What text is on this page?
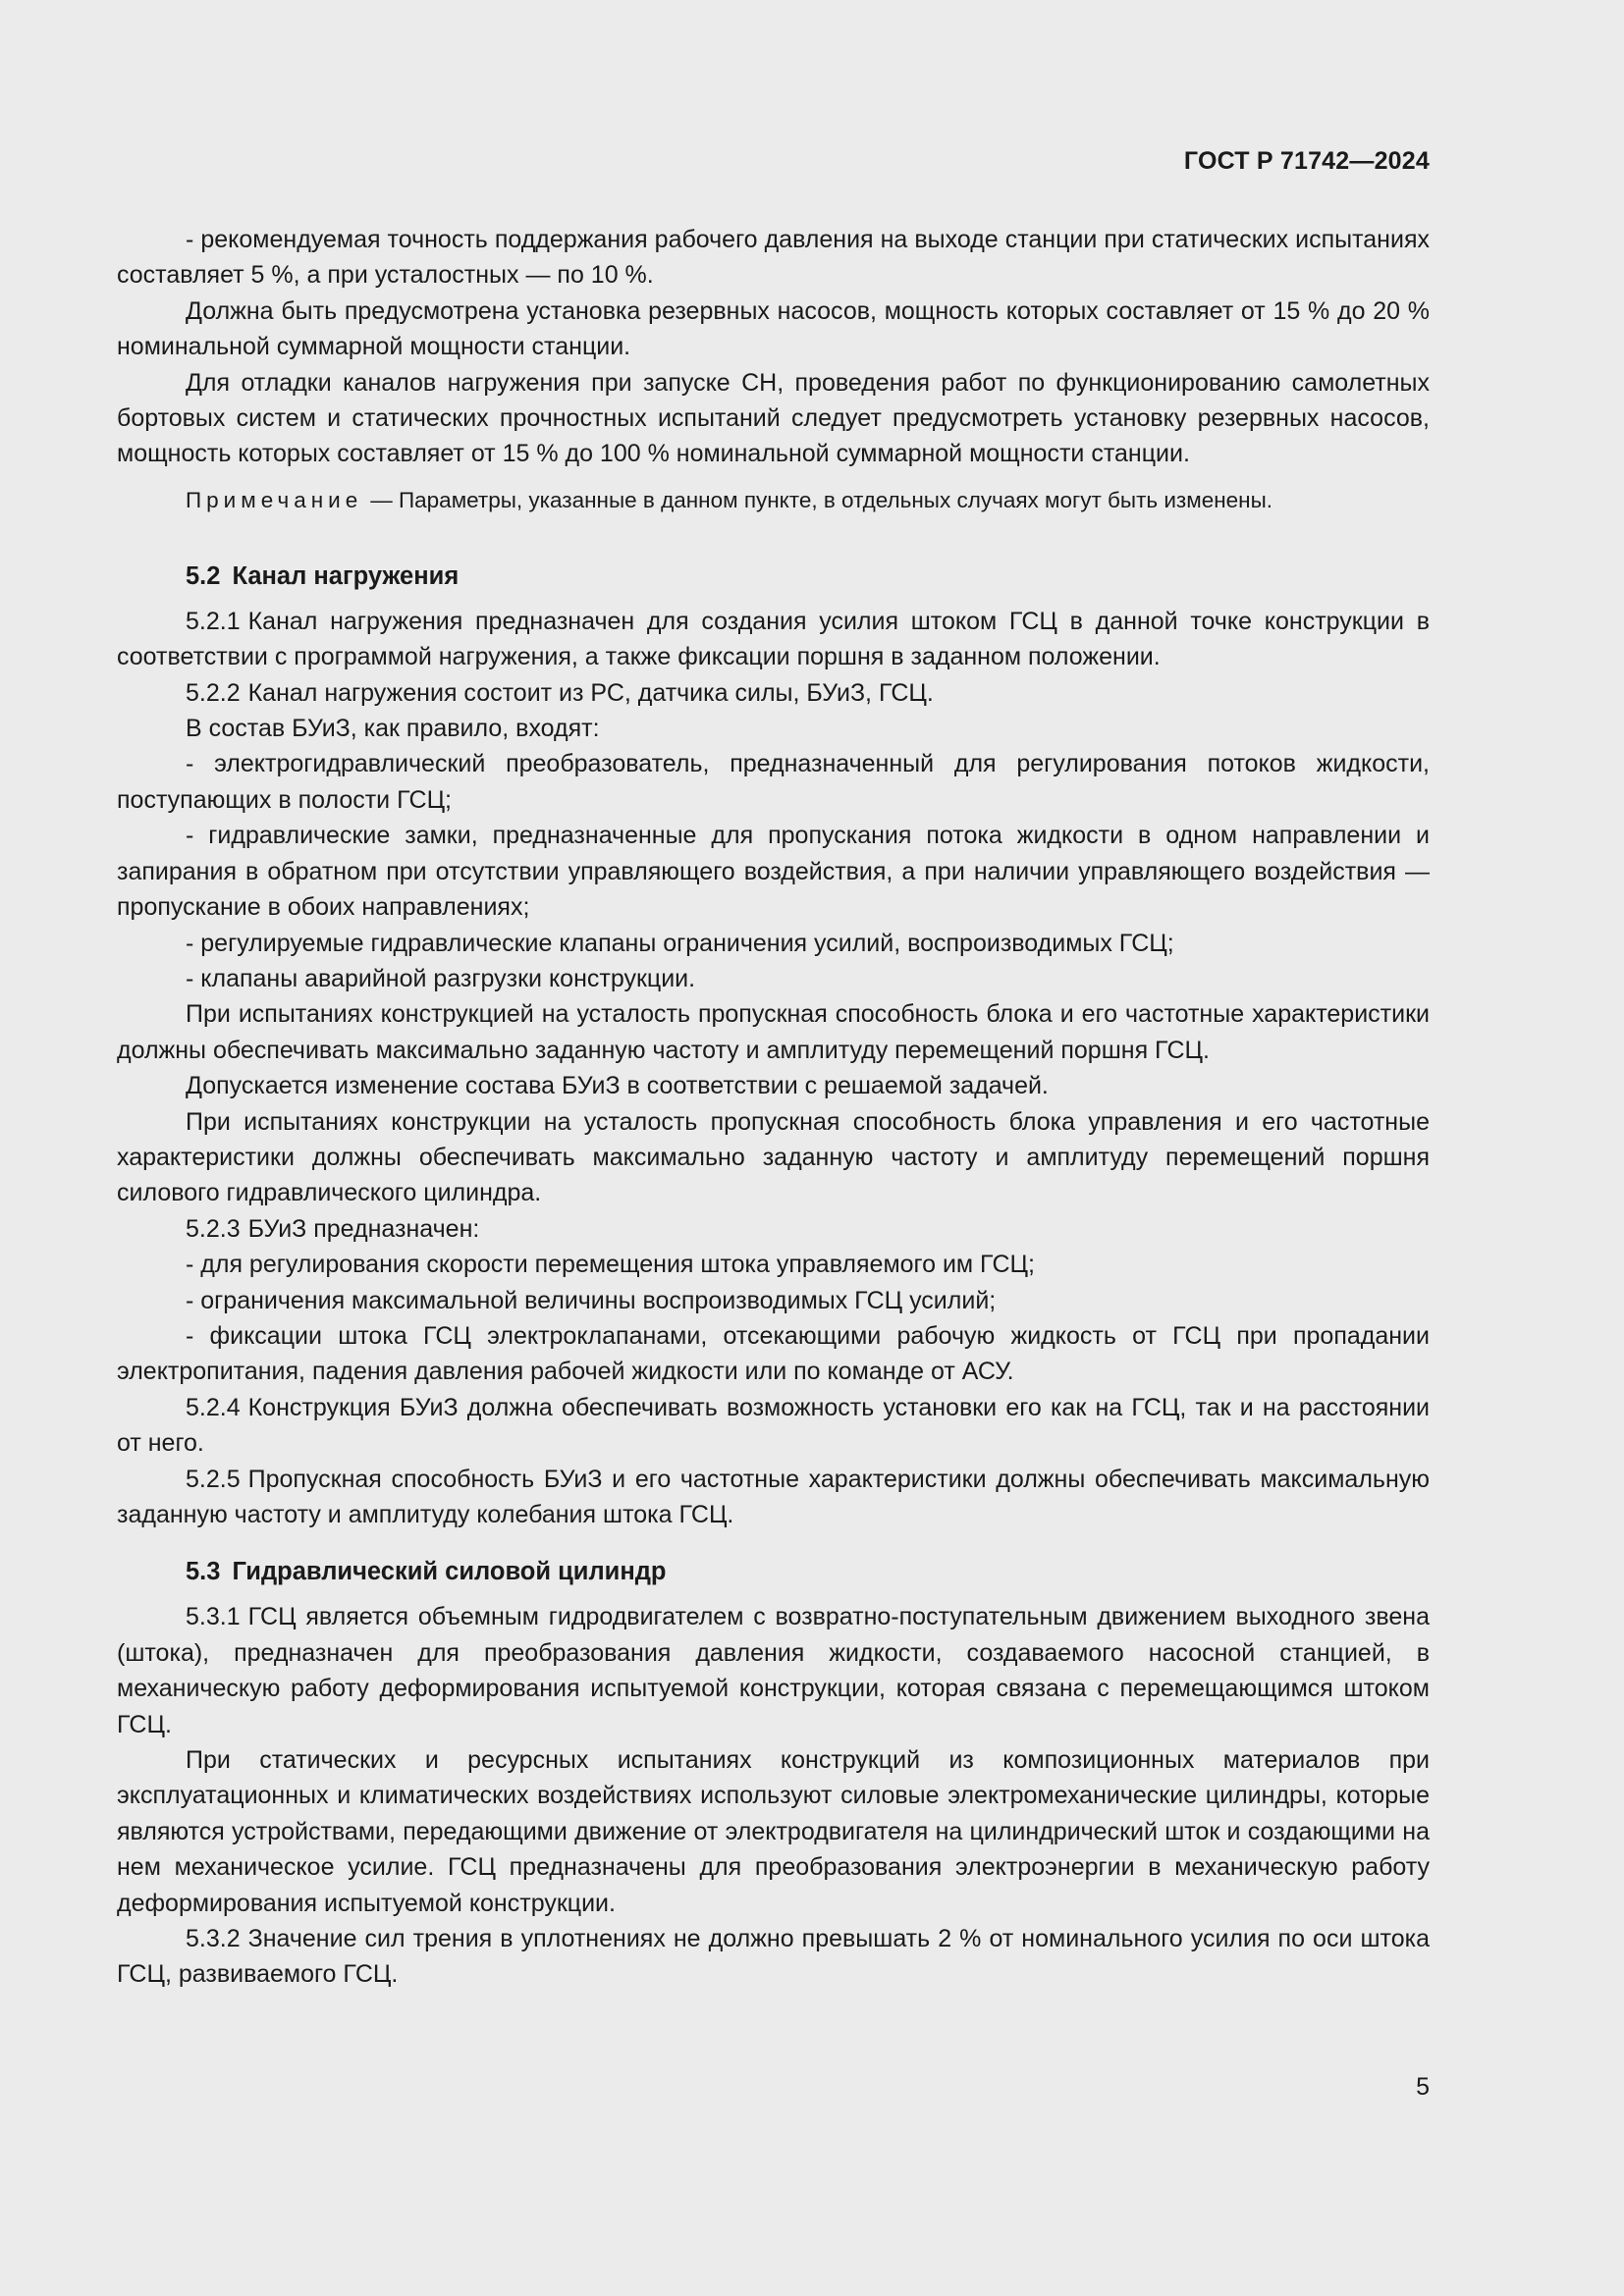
ГОСТ Р 71742—2024

- рекомендуемая точность поддержания рабочего давления на выходе станции при статических испытаниях составляет 5 %, а при усталостных — по 10 %.

Должна быть предусмотрена установка резервных насосов, мощность которых составляет от 15 % до 20 % номинальной суммарной мощности станции.

Для отладки каналов нагружения при запуске СН, проведения работ по функционированию самолетных бортовых систем и статических прочностных испытаний следует предусмотреть установку резервных насосов, мощность которых составляет от 15 % до 100 % номинальной суммарной мощности станции.

Примечание — Параметры, указанные в данном пункте, в отдельных случаях могут быть изменены.

5.2 Канал нагружения

5.2.1 Канал нагружения предназначен для создания усилия штоком ГСЦ в данной точке конструкции в соответствии с программой нагружения, а также фиксации поршня в заданном положении.

5.2.2 Канал нагружения состоит из РС, датчика силы, БУиЗ, ГСЦ.

В состав БУиЗ, как правило, входят:

- электрогидравлический преобразователь, предназначенный для регулирования потоков жидкости, поступающих в полости ГСЦ;

- гидравлические замки, предназначенные для пропускания потока жидкости в одном направлении и запирания в обратном при отсутствии управляющего воздействия, а при наличии управляющего воздействия — пропускание в обоих направлениях;

- регулируемые гидравлические клапаны ограничения усилий, воспроизводимых ГСЦ;

- клапаны аварийной разгрузки конструкции.

При испытаниях конструкцией на усталость пропускная способность блока и его частотные характеристики должны обеспечивать максимально заданную частоту и амплитуду перемещений поршня ГСЦ.

Допускается изменение состава БУиЗ в соответствии с решаемой задачей.

При испытаниях конструкции на усталость пропускная способность блока управления и его частотные характеристики должны обеспечивать максимально заданную частоту и амплитуду перемещений поршня силового гидравлического цилиндра.

5.2.3 БУиЗ предназначен:

- для регулирования скорости перемещения штока управляемого им ГСЦ;

- ограничения максимальной величины воспроизводимых ГСЦ усилий;

- фиксации штока ГСЦ электроклапанами, отсекающими рабочую жидкость от ГСЦ при пропадании электропитания, падения давления рабочей жидкости или по команде от АСУ.

5.2.4 Конструкция БУиЗ должна обеспечивать возможность установки его как на ГСЦ, так и на расстоянии от него.

5.2.5 Пропускная способность БУиЗ и его частотные характеристики должны обеспечивать максимальную заданную частоту и амплитуду колебания штока ГСЦ.

5.3 Гидравлический силовой цилиндр

5.3.1 ГСЦ является объемным гидродвигателем с возвратно-поступательным движением выходного звена (штока), предназначен для преобразования давления жидкости, создаваемого насосной станцией, в механическую работу деформирования испытуемой конструкции, которая связана с перемещающимся штоком ГСЦ.

При статических и ресурсных испытаниях конструкций из композиционных материалов при эксплуатационных и климатических воздействиях используют силовые электромеханические цилиндры, которые являются устройствами, передающими движение от электродвигателя на цилиндрический шток и создающими на нем механическое усилие. ГСЦ предназначены для преобразования электроэнергии в механическую работу деформирования испытуемой конструкции.

5.3.2 Значение сил трения в уплотнениях не должно превышать 2 % от номинального усилия по оси штока ГСЦ, развиваемого ГСЦ.

5
